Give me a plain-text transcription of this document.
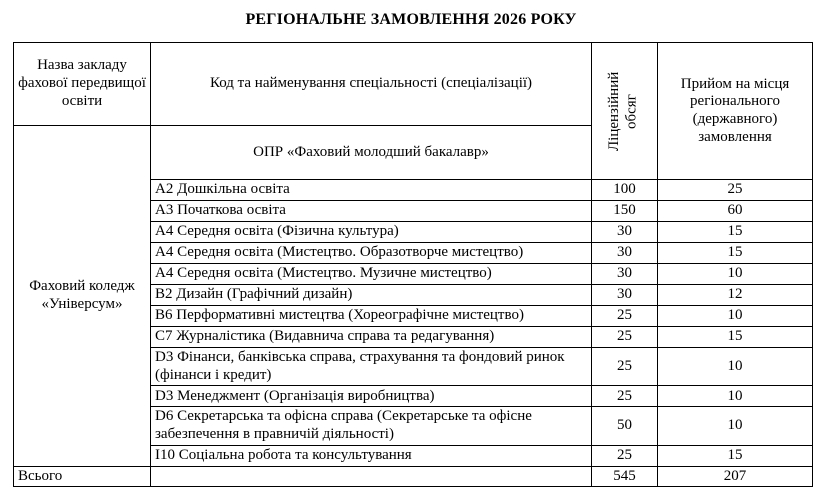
РЕГІОНАЛЬНЕ ЗАМОВЛЕННЯ 2026 РОКУ
Назва закладу фахової передвищої освіти	Код та найменування спеціальності (спеціалізації)	Ліцензійний обсяг	Прийом на місця регіонального (державного) замовлення
Фаховий коледж «Універсум»	ОПР «Фаховий молодший бакалавр»		
	A2 Дошкільна освіта	100	25
	A3 Початкова освіта	150	60
	A4 Середня освіта (Фізична культура)	30	15
	A4 Середня освіта (Мистецтво. Образотворче мистецтво)	30	15
	A4 Середня освіта (Мистецтво. Музичне мистецтво)	30	10
	B2 Дизайн (Графічний дизайн)	30	12
	B6 Перформативні мистецтва (Хореографічне мистецтво)	25	10
	C7 Журналістика (Видавнича справа та редагування)	25	15
	D3 Фінанси, банківська справа, страхування та фондовий ринок (фінанси і кредит)	25	10
	D3 Менеджмент (Організація виробництва)	25	10
	D6 Секретарська та офісна справа (Секретарське та офісне забезпечення в правничій діяльності)	50	10
	I10 Соціальна робота та консультування	25	15
Всього		545	207
